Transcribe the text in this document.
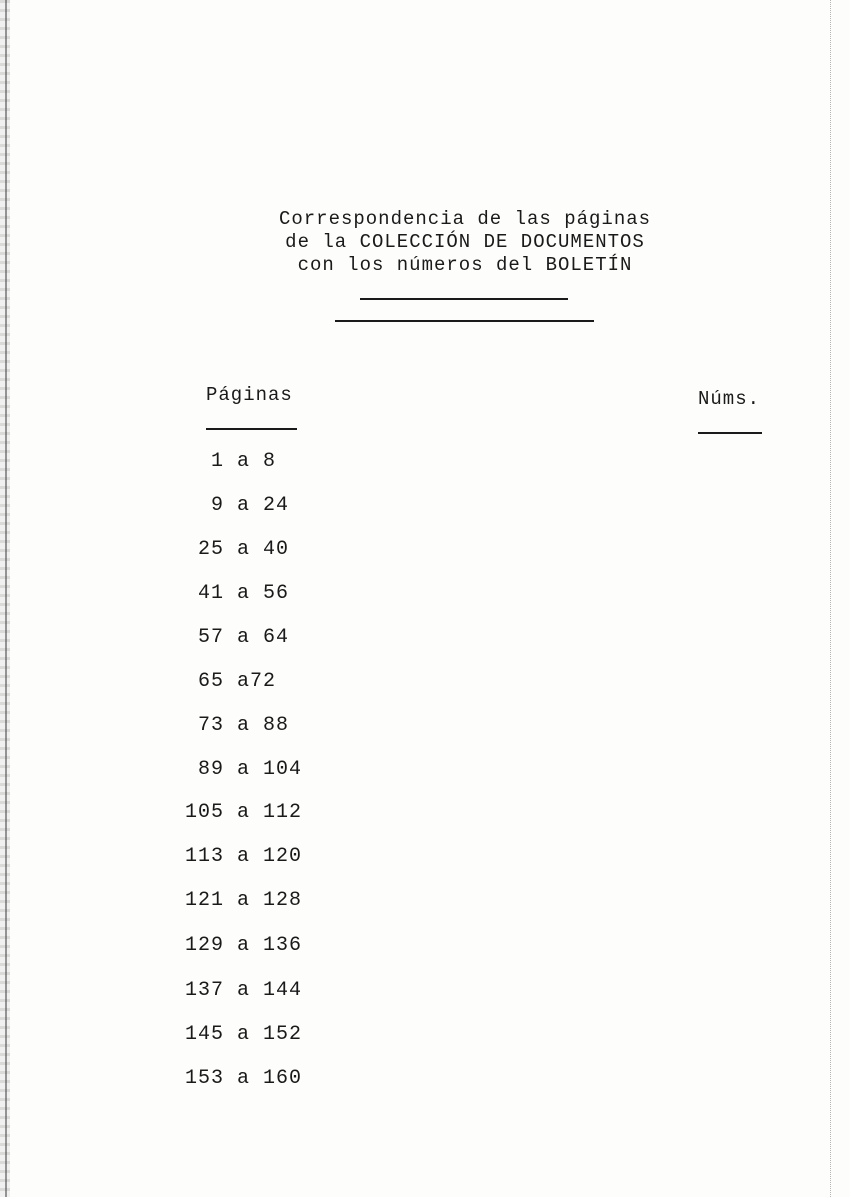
Correspondencia de las páginas
de la COLECCIÓN DE DOCUMENTOS
con los números del BOLETÍN
Páginas	Núms.
1 a 8
9 a 24
25 a 40
41 a 56
57 a 64
65 a72
73 a 88
89 a 104
105 a 112
113 a 120
121 a 128
129 a 136
137 a 144
145 a 152
153 a 160
